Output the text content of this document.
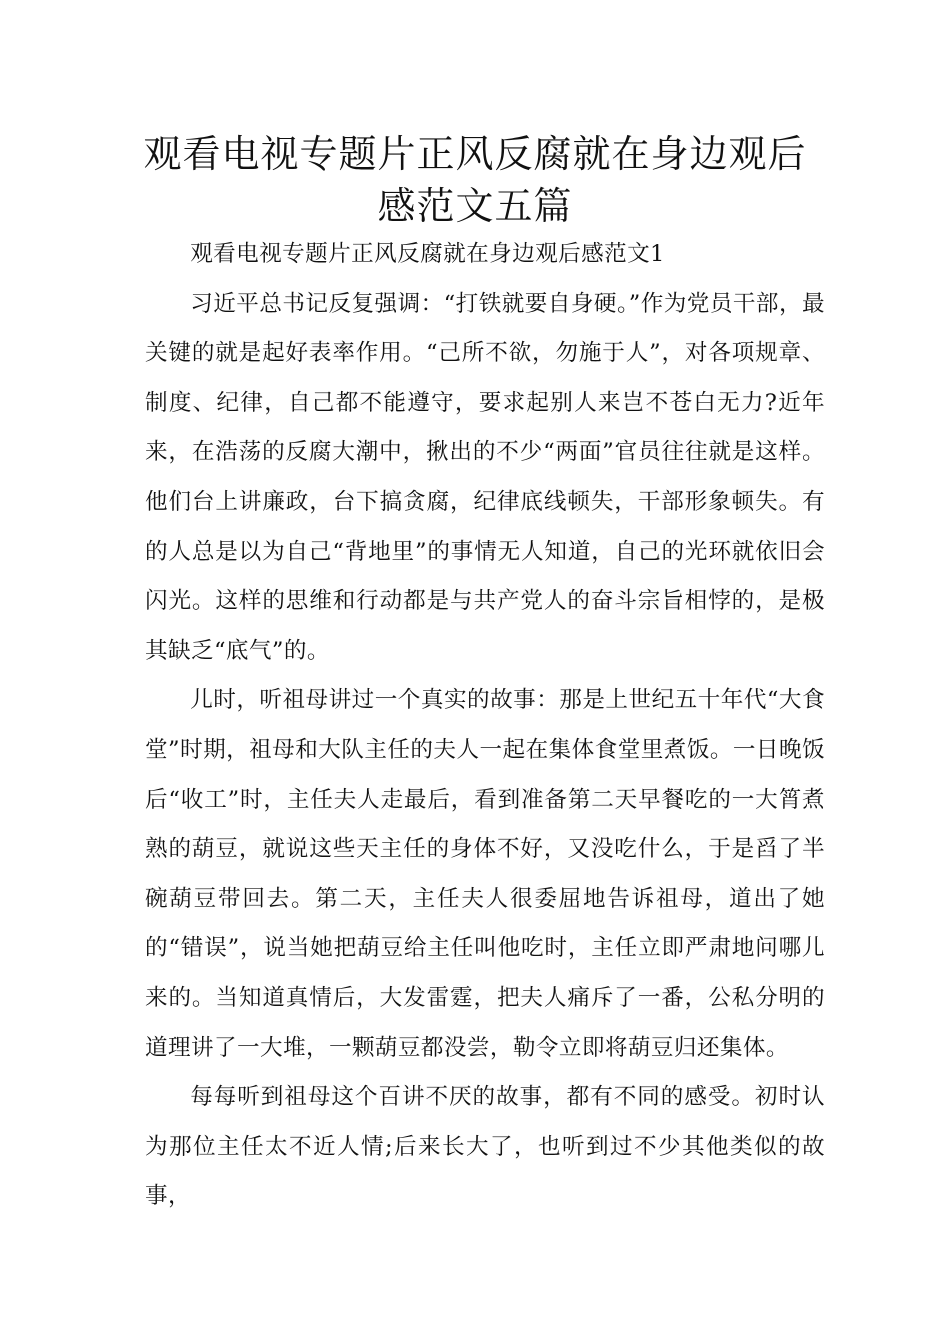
观看电视专题片正风反腐就在身边观后
感范文五篇

观看电视专题片正风反腐就在身边观后感范文1

习近平总书记反复强调：“打铁就要自身硬。”作为党员干部，最关键的就是起好表率作用。“己所不欲，勿施于人”，对各项规章、制度、纪律，自己都不能遵守，要求起别人来岂不苍白无力?近年来，在浩荡的反腐大潮中，揪出的不少“两面”官员往往就是这样。他们台上讲廉政，台下搞贪腐，纪律底线顿失，干部形象顿失。有的人总是以为自己“背地里”的事情无人知道，自己的光环就依旧会闪光。这样的思维和行动都是与共产党人的奋斗宗旨相悖的，是极其缺乏“底气”的。

儿时，听祖母讲过一个真实的故事：那是上世纪五十年代“大食堂”时期，祖母和大队主任的夫人一起在集体食堂里煮饭。一日晚饭后“收工”时，主任夫人走最后，看到准备第二天早餐吃的一大筲煮熟的葫豆，就说这些天主任的身体不好，又没吃什么，于是舀了半碗葫豆带回去。第二天，主任夫人很委屈地告诉祖母，道出了她的“错误”，说当她把葫豆给主任叫他吃时，主任立即严肃地问哪儿来的。当知道真情后，大发雷霆，把夫人痛斥了一番，公私分明的道理讲了一大堆，一颗葫豆都没尝，勒令立即将葫豆归还集体。

每每听到祖母这个百讲不厌的故事，都有不同的感受。初时认为那位主任太不近人情;后来长大了，也听到过不少其他类似的故事，
